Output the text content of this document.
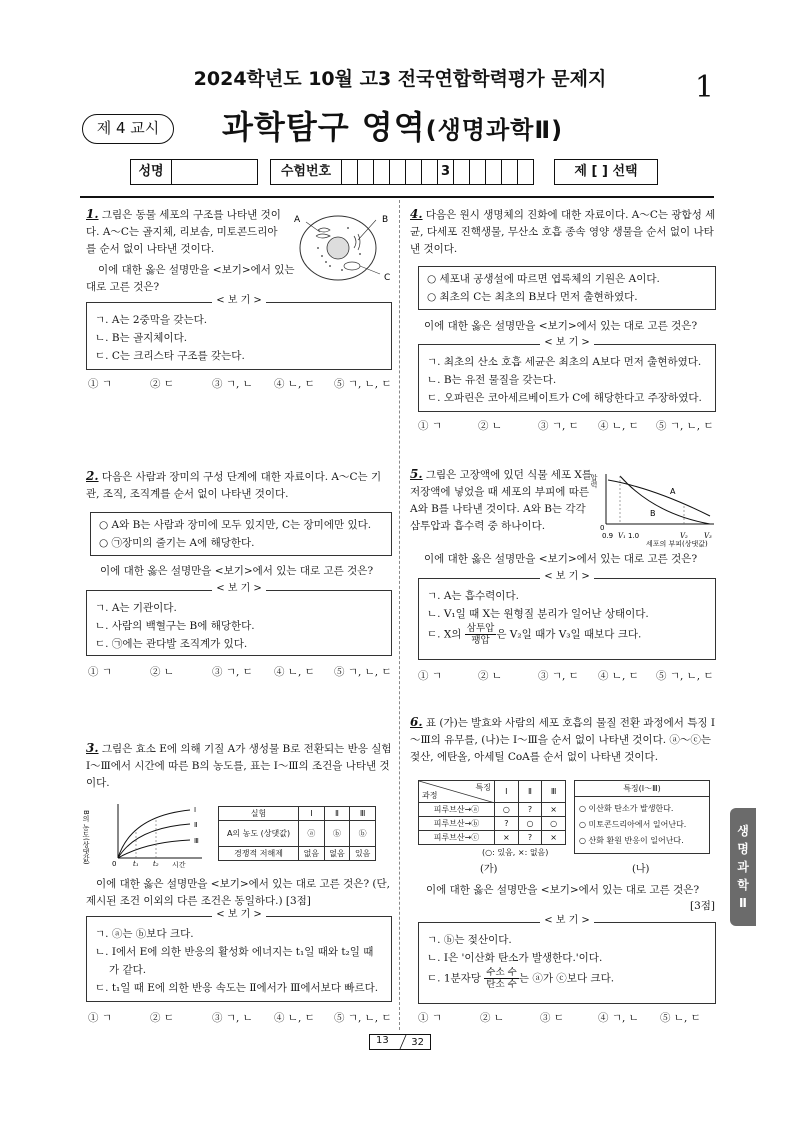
2024학년도 10월 고3 전국연합학력평가 문제지	1
제 4 교시	과학탐구 영역(생명과학Ⅱ)
성명	수험번호	3	제 [ ] 선택
1. 그림은 동물 세포의 구조를 나타낸 것이다. A～C는 골지체, 리보솜, 미토콘드리아를 순서 없이 나타낸 것이다.
이에 대한 옳은 설명만을 <보기>에서 있는 대로 고른 것은?
A	B
C
< 보 기 >
ㄱ. A는 2중막을 갖는다.
ㄴ. B는 골지체이다.
ㄷ. C는 크리스타 구조를 갖는다.
① ㄱ	② ㄷ	③ ㄱ, ㄴ	④ ㄴ, ㄷ	⑤ ㄱ, ㄴ, ㄷ
2. 다음은 사람과 장미의 구성 단계에 대한 자료이다. A～C는 기관, 조직, 조직계를 순서 없이 나타낸 것이다.
○ A와 B는 사람과 장미에 모두 있지만, C는 장미에만 있다.
○ ㉠장미의 줄기는 A에 해당한다.
이에 대한 옳은 설명만을 <보기>에서 있는 대로 고른 것은?
< 보 기 >
ㄱ. A는 기관이다.
ㄴ. 사람의 백혈구는 B에 해당한다.
ㄷ. ㉠에는 관다발 조직계가 있다.
① ㄱ	② ㄴ	③ ㄱ, ㄷ	④ ㄴ, ㄷ	⑤ ㄱ, ㄴ, ㄷ
3. 그림은 효소 E에 의해 기질 A가 생성물 B로 전환되는 반응 실험 Ⅰ～Ⅲ에서 시간에 따른 B의 농도를, 표는 Ⅰ～Ⅲ의 조건을 나타낸 것이다.
B의 농도(상댓값)	Ⅰ
Ⅱ
Ⅲ
0 t₁ t₂ 시간
실험	Ⅰ	Ⅱ	Ⅲ
A의 농도 (상댓값)	ⓐ	ⓑ	ⓑ
경쟁적 저해제	없음	없음	있음
이에 대한 옳은 설명만을 <보기>에서 있는 대로 고른 것은? (단, 제시된 조건 이외의 다른 조건은 동일하다.) [3점]
< 보 기 >
ㄱ. ⓐ는 ⓑ보다 크다.
ㄴ. Ⅰ에서 E에 의한 반응의 활성화 에너지는 t₁일 때와 t₂일 때가 같다.
ㄷ. t₁일 때 E에 의한 반응 속도는 Ⅱ에서가 Ⅲ에서보다 빠르다.
① ㄱ	② ㄷ	③ ㄱ, ㄴ	④ ㄴ, ㄷ	⑤ ㄱ, ㄴ, ㄷ
4. 다음은 원시 생명체의 진화에 대한 자료이다. A～C는 광합성 세균, 다세포 진핵생물, 무산소 호흡 종속 영양 생물을 순서 없이 나타낸 것이다.
○ 세포내 공생설에 따르면 엽록체의 기원은 A이다.
○ 최초의 C는 최초의 B보다 먼저 출현하였다.
이에 대한 옳은 설명만을 <보기>에서 있는 대로 고른 것은?
< 보 기 >
ㄱ. 최초의 산소 호흡 세균은 최초의 A보다 먼저 출현하였다.
ㄴ. B는 유전 물질을 갖는다.
ㄷ. 오파린은 코아세르베이트가 C에 해당한다고 주장하였다.
① ㄱ	② ㄴ	③ ㄱ, ㄷ	④ ㄴ, ㄷ	⑤ ㄱ, ㄴ, ㄷ
5. 그림은 고장액에 있던 식물 세포 X를 저장액에 넣었을 때 세포의 부피에 따른 A와 B를 나타낸 것이다. A와 B는 각각 삼투압과 흡수력 중 하나이다.
압력
A
B
0
0.9 V₁ 1.0	V₂ V₃
세포의 부피(상댓값)
이에 대한 옳은 설명만을 <보기>에서 있는 대로 고른 것은?
< 보 기 >
ㄱ. A는 흡수력이다.
ㄴ. V₁일 때 X는 원형질 분리가 일어난 상태이다.
ㄷ. X의 $\frac{\text{삼투압}}{\text{팽압}}$ 은 V₂일 때가 V₃일 때보다 크다.
① ㄱ	② ㄴ	③ ㄱ, ㄷ	④ ㄴ, ㄷ	⑤ ㄱ, ㄴ, ㄷ
6. 표 (가)는 발효와 사람의 세포 호흡의 물질 전환 과정에서 특징 Ⅰ～Ⅲ의 유무를, (나)는 Ⅰ～Ⅲ을 순서 없이 나타낸 것이다. ⓐ～ⓒ는 젖산, 에탄올, 아세틸 CoA를 순서 없이 나타낸 것이다.
특징
과정	Ⅰ	Ⅱ	Ⅲ
피루브산→ⓐ	○	?	×
피루브산→ⓑ	?	○	○
피루브산→ⓒ	×	?	×
(○: 있음, ×: 없음)
(가)
특징(Ⅰ～Ⅲ)
○ 이산화 탄소가 발생한다.
○ 미토콘드리아에서 일어난다.
○ 산화 환원 반응이 일어난다.
(나)
이에 대한 옳은 설명만을 <보기>에서 있는 대로 고른 것은?
[3점]
< 보 기 >
ㄱ. ⓑ는 젖산이다.
ㄴ. Ⅰ은 '이산화 탄소가 발생한다.'이다.
ㄷ. 1분자당 $\frac{\text{수소 수}}{\text{탄소 수}}$ 는 ⓐ가 ⓒ보다 크다.
① ㄱ	② ㄴ	③ ㄷ	④ ㄱ, ㄴ	⑤ ㄴ, ㄷ
생
명
과
학
Ⅱ
13 32
